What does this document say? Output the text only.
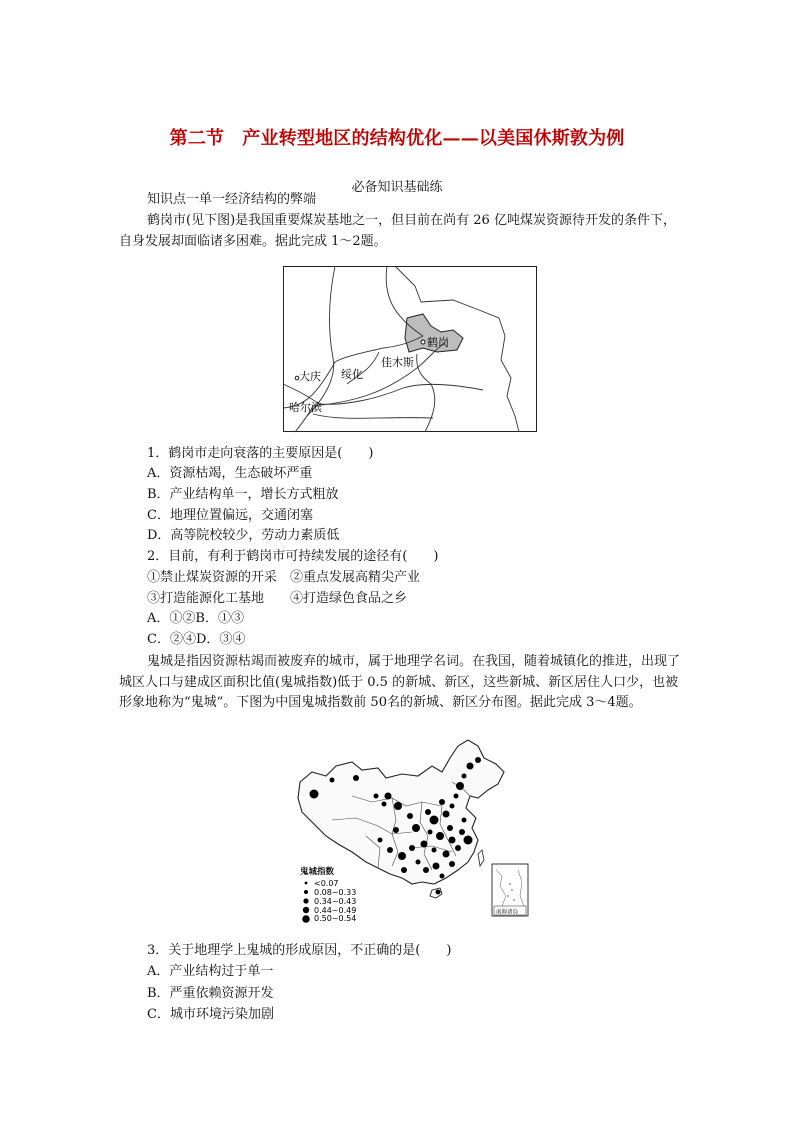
第二节　产业转型地区的结构优化——以美国休斯敦为例
必备知识基础练
知识点一单一经济结构的弊端

鹤岗市(见下图)是我国重要煤炭基地之一，但目前在尚有 26 亿吨煤炭资源待开发的条件下，自身发展却面临诸多困难。据此完成 1～2题。

鹤岗
佳木斯
大庆 绥化
哈尔滨
1．鹤岗市走向衰落的主要原因是(　　)
A．资源枯竭，生态破坏严重
B．产业结构单一，增长方式粗放
C．地理位置偏远，交通闭塞
D．高等院校较少，劳动力素质低
2．目前，有利于鹤岗市可持续发展的途径有(　　)
①禁止煤炭资源的开采　②重点发展高精尖产业
③打造能源化工基地　　④打造绿色食品之乡
A．①②B．①③
C．②④D．③④

鬼城是指因资源枯竭而被废弃的城市，属于地理学名词。在我国，随着城镇化的推进，出现了城区人口与建成区面积比值(鬼城指数)低于 0.5 的新城、新区，这些新城、新区居住人口少，也被形象地称为“鬼城”。下图为中国鬼城指数前 50名的新城、新区分布图。据此完成 3～4题。

鬼城指数
<0.07
0.08~0.33
0.34~0.43
0.44~0.49
0.50~0.54
南海诸岛
3．关于地理学上鬼城的形成原因，不正确的是(　　)
A．产业结构过于单一
B．严重依赖资源开发
C．城市环境污染加剧
